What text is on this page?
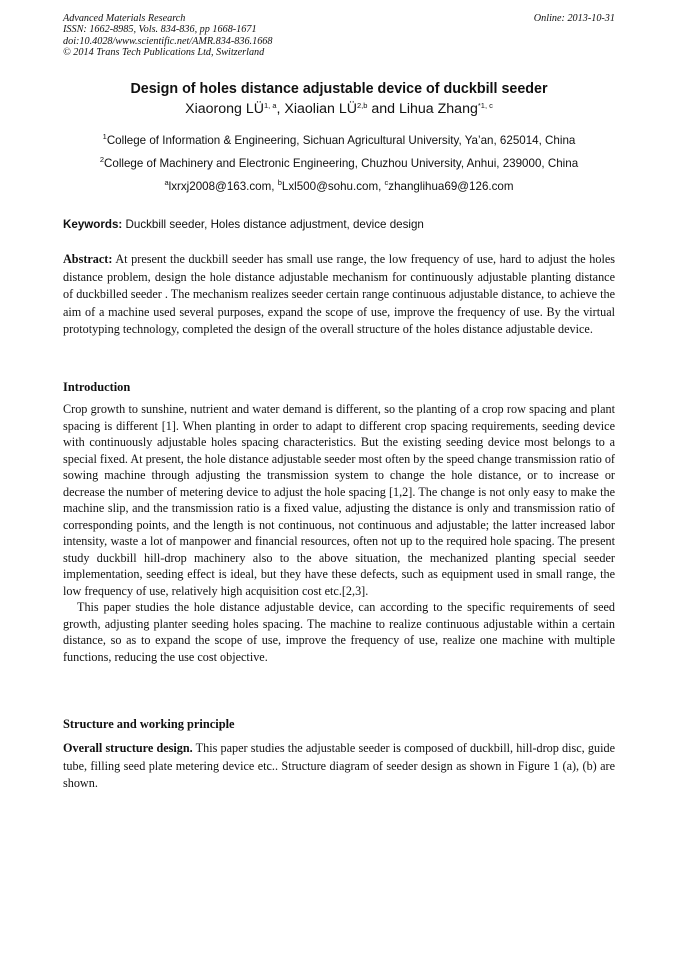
Advanced Materials Research
ISSN: 1662-8985, Vols. 834-836, pp 1668-1671
doi:10.4028/www.scientific.net/AMR.834-836.1668
© 2014 Trans Tech Publications Ltd, Switzerland
Online: 2013-10-31
Design of holes distance adjustable device of duckbill seeder
Xiaorong LÜ$^{1, a}$, Xiaolian LÜ$^{2,b}$ and Lihua Zhang$^{*1, c}$
$^1$College of Information & Engineering, Sichuan Agricultural University, Ya’an, 625014, China
$^2$College of Machinery and Electronic Engineering, Chuzhou University, Anhui, 239000, China
$^a$lxrxj2008@163.com, $^b$Lxl500@sohu.com, $^c$zhanglihua69@126.com
Keywords: Duckbill seeder, Holes distance adjustment, device design
Abstract: At present the duckbill seeder has small use range, the low frequency of use, hard to adjust the holes distance problem, design the hole distance adjustable mechanism for continuously adjustable planting distance of duckbilled seeder . The mechanism realizes seeder certain range continuous adjustable distance, to achieve the aim of a machine used several purposes, expand the scope of use, improve the frequency of use. By the virtual prototyping technology, completed the design of the overall structure of the holes distance adjustable device.
Introduction
Crop growth to sunshine, nutrient and water demand is different, so the planting of a crop row spacing and plant spacing is different [1]. When planting in order to adapt to different crop spacing requirements, seeding device with continuously adjustable holes spacing characteristics. But the existing seeding device most belongs to a special fixed. At present, the hole distance adjustable seeder most often by the speed change transmission ratio of sowing machine through adjusting the transmission system to change the hole distance, or to increase or decrease the number of metering device to adjust the hole spacing [1,2]. The change is not only easy to make the machine slip, and the transmission ratio is a fixed value, adjusting the distance is only and transmission ratio of corresponding points, and the length is not continuous, not continuous and adjustable; the latter increased labor intensity, waste a lot of manpower and financial resources, often not up to the required hole spacing. The present study duckbill hill-drop machinery also to the above situation, the mechanized planting special seeder implementation, seeding effect is ideal, but they have these defects, such as equipment used in small range, the low frequency of use, relatively high acquisition cost etc.[2,3].
This paper studies the hole distance adjustable device, can according to the specific requirements of seed growth, adjusting planter seeding holes spacing. The machine to realize continuous adjustable within a certain distance, so as to expand the scope of use, improve the frequency of use, realize one machine with multiple functions, reducing the use cost objective.
Structure and working principle
Overall structure design. This paper studies the adjustable seeder is composed of duckbill, hill-drop disc, guide tube, filling seed plate metering device etc.. Structure diagram of seeder design as shown in Figure 1 (a), (b) are shown.
